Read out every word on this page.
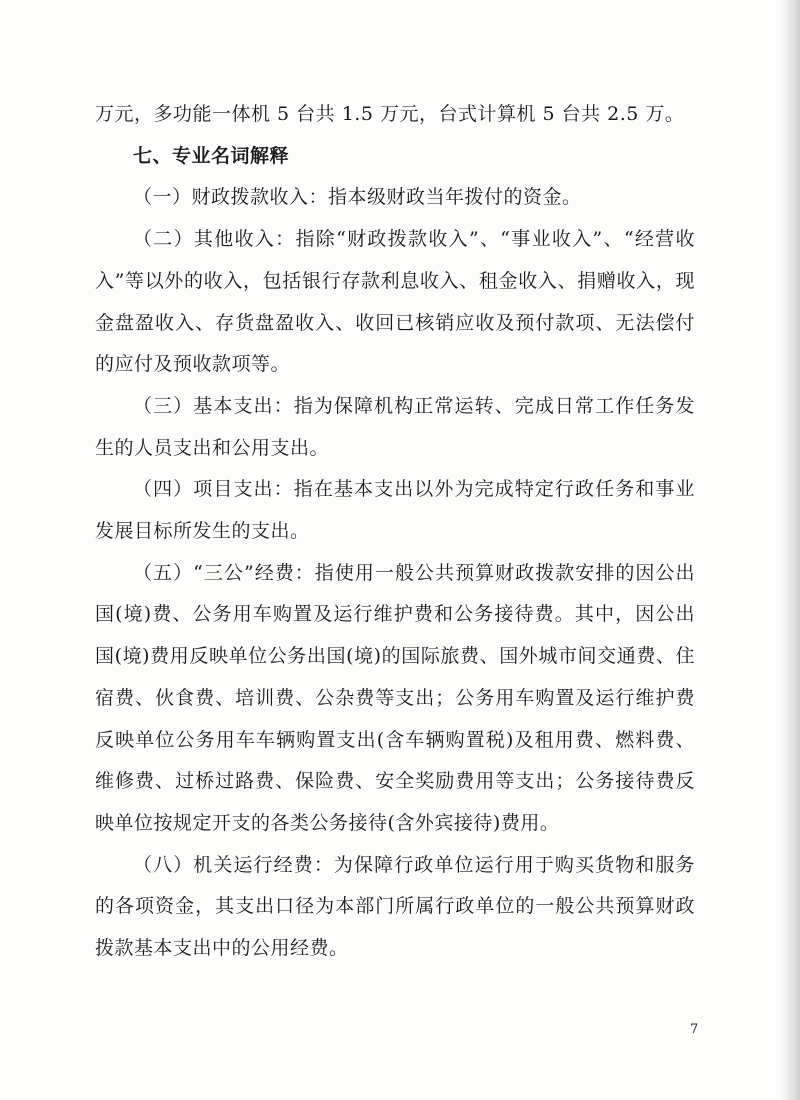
万元，多功能一体机 5 台共 1.5 万元，台式计算机 5 台共 2.5 万。

七、专业名词解释

（一）财政拨款收入：指本级财政当年拨付的资金。

（二）其他收入：指除“财政拨款收入”、“事业收入”、“经营收入”等以外的收入，包括银行存款利息收入、租金收入、捐赠收入，现金盘盈收入、存货盘盈收入、收回已核销应收及预付款项、无法偿付的应付及预收款项等。

（三）基本支出：指为保障机构正常运转、完成日常工作任务发生的人员支出和公用支出。

（四）项目支出：指在基本支出以外为完成特定行政任务和事业发展目标所发生的支出。

（五）“三公”经费：指使用一般公共预算财政拨款安排的因公出国(境)费、公务用车购置及运行维护费和公务接待费。其中，因公出国(境)费用反映单位公务出国(境)的国际旅费、国外城市间交通费、住宿费、伙食费、培训费、公杂费等支出；公务用车购置及运行维护费反映单位公务用车车辆购置支出(含车辆购置税)及租用费、燃料费、维修费、过桥过路费、保险费、安全奖励费用等支出；公务接待费反映单位按规定开支的各类公务接待(含外宾接待)费用。

（八）机关运行经费：为保障行政单位运行用于购买货物和服务的各项资金，其支出口径为本部门所属行政单位的一般公共预算财政拨款基本支出中的公用经费。

7
